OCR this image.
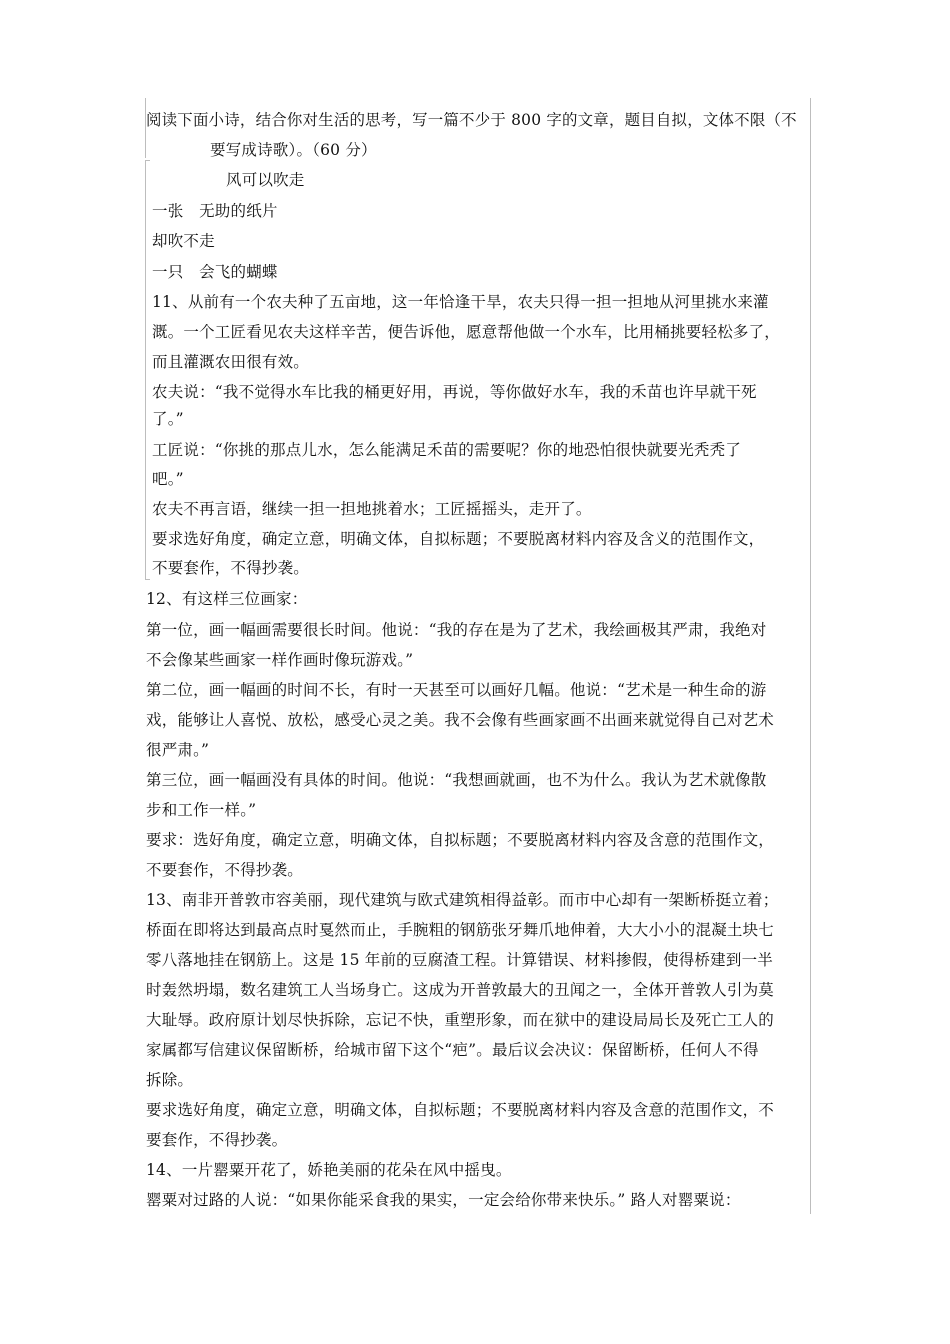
阅读下面小诗，结合你对生活的思考，写一篇不少于 800 字的文章，题目自拟，文体不限（不
要写成诗歌）。（60 分）
风可以吹走
一张　无助的纸片
却吹不走
一只　会飞的蝴蝶
11、从前有一个农夫种了五亩地，这一年恰逢干旱，农夫只得一担一担地从河里挑水来灌
溉。一个工匠看见农夫这样辛苦，便告诉他，愿意帮他做一个水车，比用桶挑要轻松多了，
而且灌溉农田很有效。
农夫说：“我不觉得水车比我的桶更好用，再说，等你做好水车，我的禾苗也许早就干死
了。”
工匠说：“你挑的那点儿水，怎么能满足禾苗的需要呢？你的地恐怕很快就要光秃秃了
吧。”
农夫不再言语，继续一担一担地挑着水；工匠摇摇头，走开了。
要求选好角度，确定立意，明确文体，自拟标题；不要脱离材料内容及含义的范围作文，
不要套作，不得抄袭。
12、有这样三位画家：
第一位，画一幅画需要很长时间。他说：“我的存在是为了艺术，我绘画极其严肃，我绝对
不会像某些画家一样作画时像玩游戏。”
第二位，画一幅画的时间不长，有时一天甚至可以画好几幅。他说：“艺术是一种生命的游
戏，能够让人喜悦、放松，感受心灵之美。我不会像有些画家画不出画来就觉得自己对艺术
很严肃。”
第三位，画一幅画没有具体的时间。他说：“我想画就画，也不为什么。我认为艺术就像散
步和工作一样。”
要求：选好角度，确定立意，明确文体，自拟标题；不要脱离材料内容及含意的范围作文，
不要套作，不得抄袭。
13、南非开普敦市容美丽，现代建筑与欧式建筑相得益彰。而市中心却有一架断桥挺立着；
桥面在即将达到最高点时戛然而止，手腕粗的钢筋张牙舞爪地伸着，大大小小的混凝土块七
零八落地挂在钢筋上。这是 15 年前的豆腐渣工程。计算错误、材料掺假，使得桥建到一半
时轰然坍塌，数名建筑工人当场身亡。这成为开普敦最大的丑闻之一，全体开普敦人引为莫
大耻辱。政府原计划尽快拆除，忘记不快，重塑形象，而在狱中的建设局局长及死亡工人的
家属都写信建议保留断桥，给城市留下这个“疤”。最后议会决议：保留断桥，任何人不得
拆除。
要求选好角度，确定立意，明确文体，自拟标题；不要脱离材料内容及含意的范围作文，不
要套作，不得抄袭。
14、一片罂粟开花了，娇艳美丽的花朵在风中摇曳。
罂粟对过路的人说：“如果你能采食我的果实，一定会给你带来快乐。” 路人对罂粟说：
